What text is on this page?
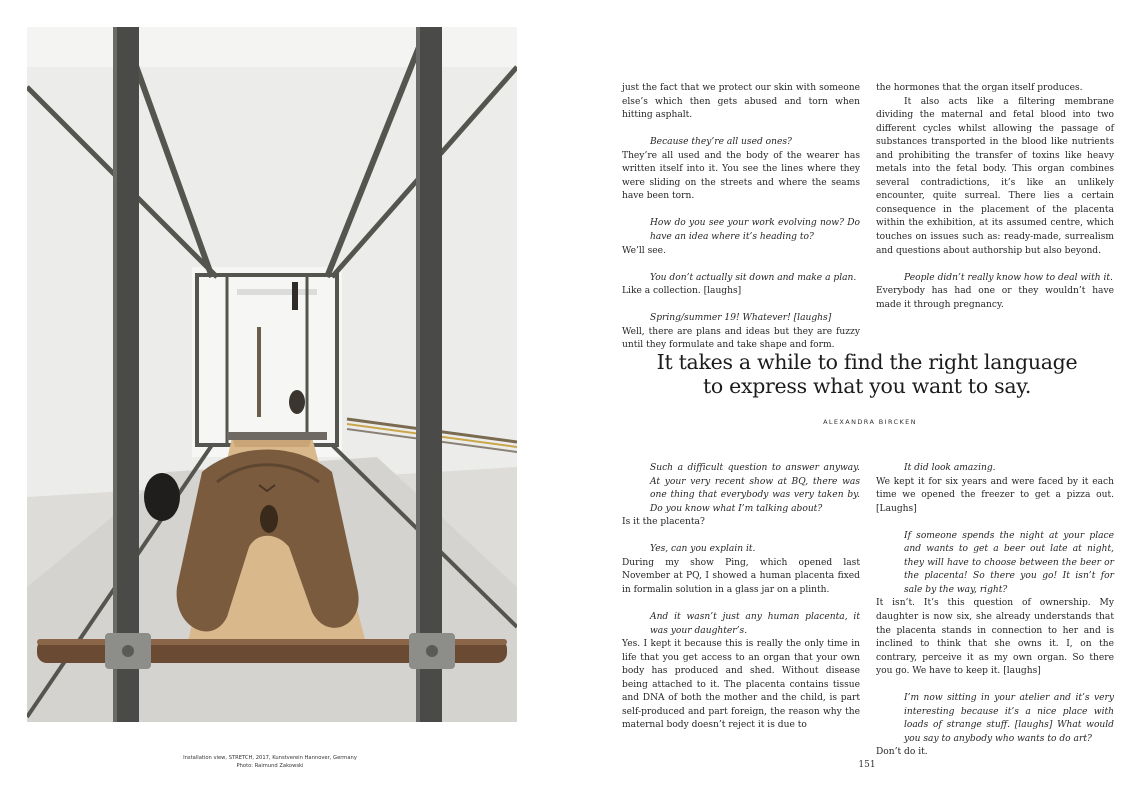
Installation view, STRETCH, 2017, Kunstverein Hannover, Germany
Photo: Raimund Zakowski

just the fact that we protect our skin with someone else’s which then gets abused and torn when hitting asphalt.

Because they’re all used ones?

They’re all used and the body of the wearer has written itself into it. You see the lines where they were sliding on the streets and where the seams have been torn.

How do you see your work evolving now? Do have an idea where it’s heading to?

We’ll see.

You don’t actually sit down and make a plan.

Like a collection. [laughs]

Spring/summer 19! Whatever! [laughs]

Well, there are plans and ideas but they are fuzzy until they formulate and take shape and form.

the hormones that the organ itself produces.

It also acts like a filtering membrane dividing the maternal and fetal blood into two different cycles whilst allowing the passage of substances transported in the blood like nutrients and prohibiting the transfer of toxins like heavy metals into the fetal body. This organ combines several contradictions, it’s like an unlikely encounter, quite surreal. There lies a certain consequence in the placement of the placenta within the exhibition, at its assumed centre, which touches on issues such as: ready-made, surrealism and questions about authorship but also beyond.

People didn’t really know how to deal with it.

Everybody has had one or they wouldn’t have made it through pregnancy.

It takes a while to find the right language
to express what you want to say.
ALEXANDRA BIRCKEN

Such a difficult question to answer anyway. At your very recent show at BQ, there was one thing that everybody was very taken by. Do you know what I’m talking about?

Is it the placenta?

Yes, can you explain it.

During my show Ping, which opened last November at PQ, I showed a human placenta fixed in formalin solution in a glass jar on a plinth.

And it wasn’t just any human placenta, it was your daughter’s.

Yes. I kept it because this is really the only time in life that you get access to an organ that your own body has produced and shed. Without disease being attached to it. The placenta contains tissue and DNA of both the mother and the child, is part self-produced and part foreign, the reason why the maternal body doesn’t reject it is due to

It did look amazing.

We kept it for six years and were faced by it each time we opened the freezer to get a pizza out.[Laughs]

If someone spends the night at your place and wants to get a beer out late at night, they will have to choose between the beer or the placenta! So there you go! It isn’t for sale by the way, right?

It isn’t. It’s this question of ownership. My daughter is now six, she already understands that the placenta stands in connection to her and is inclined to think that she owns it. I, on the contrary, perceive it as my own organ. So there you go. We have to keep it. [laughs]

I’m now sitting in your atelier and it’s very interesting because it’s a nice place with loads of strange stuff. [laughs] What would you say to anybody who wants to do art?

Don’t do it.

151
